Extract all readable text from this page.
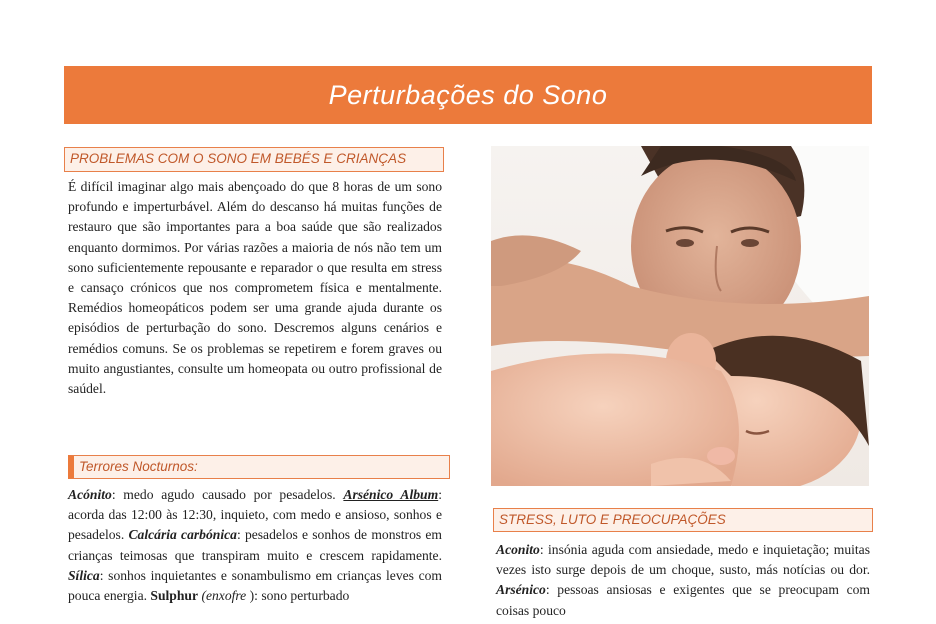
Perturbações do Sono
PROBLEMAS COM O SONO EM BEBÉS E CRIANÇAS

É difícil imaginar algo mais abençoado do que 8 horas de um sono profundo e imperturbável. Além do descanso há muitas funções de restauro que são importantes para a boa saúde que são realizados enquanto dormimos. Por várias razões a maioria de nós não tem um sono suficientemente repousante e reparador o que resulta em stress e cansaço crónicos que nos comprometem física e mentalmente. Remédios homeopáticos podem ser uma grande ajuda durante os episódios de perturbação do sono. Descremos alguns cenários e remédios comuns. Se os problemas se repetirem e forem graves ou muito angustiantes, consulte um homeopata ou outro profissional de saúdel.

Terrores Nocturnos:

Acónito: medo agudo causado por pesadelos. Arsénico Album: acorda das 12:00 às 12:30, inquieto, com medo e ansioso, sonhos e pesadelos. Calcária carbónica: pesadelos e sonhos de monstros em crianças teimosas que transpiram muito e crescem rapidamente. Sílica: sonhos inquietantes e sonambulismo em crianças leves com pouca energia. Sulphur (enxofre ): sono perturbado

STRESS, LUTO E PREOCUPAÇÕES

Aconito: insónia aguda com ansiedade, medo e inquietação; muitas vezes isto surge depois de um choque, susto, más notícias ou dor. Arsénico: pessoas ansiosas e exigentes que se preocupam com coisas pouco
